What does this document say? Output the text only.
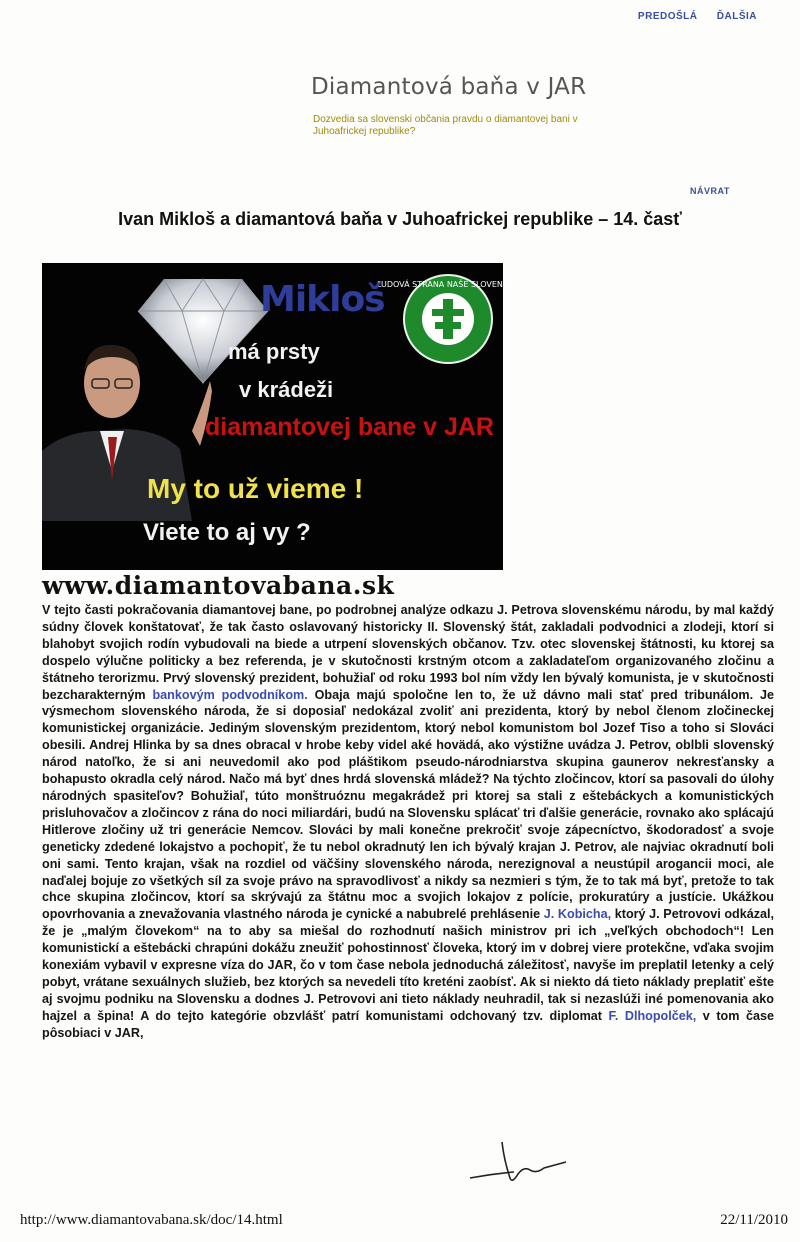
PREDOŠLÁ ĎALŠIA
Diamantová baňa v JAR
Dozvedia sa slovenski občania pravdu o diamantovej bani v Juhoafrickej republike?
NÁVRAT
Ivan Mikloš a diamantová baňa v Juhoafrickej republike – 14. časť
ĽUDOVÁ STRANA NAŠE SLOVENSKO
Mikloš
má prsty
v krádeži
diamantovej bane v JAR
My to už vieme !
Viete to aj vy ?
www.diamantovabana.sk
V tejto časti pokračovania diamantovej bane, po podrobnej analýze odkazu J. Petrova slovenskému národu, by mal každý súdny človek konštatovať, že tak často oslavovaný historicky II. Slovenský štát, zakladali podvodnici a zlodeji, ktorí si blahobyt svojich rodín vybudovali na biede a utrpení slovenských občanov. Tzv. otec slovenskej štátnosti, ku ktorej sa dospelo výlučne politicky a bez referenda, je v skutočnosti krstným otcom a zakladateľom organizovaného zločinu a štátneho terorizmu. Prvý slovenský prezident, bohužiaľ od roku 1993 bol ním vždy len bývalý komunista, je v skutočnosti bezcharakterným bankovým podvodníkom. Obaja majú spoločne len to, že už dávno mali stať pred tribunálom. Je výsmechom slovenského národa, že si doposiaľ nedokázal zvoliť ani prezidenta, ktorý by nebol členom zločineckej komunistickej organizácie. Jediným slovenským prezidentom, ktorý nebol komunistom bol Jozef Tiso a toho si Slováci obesili. Andrej Hlinka by sa dnes obracal v hrobe keby videl aké hovädá, ako výstižne uvádza J. Petrov, oblbli slovenský národ natoľko, že si ani neuvedomil ako pod pláštikom pseudo-národniarstva skupina gaunerov nekresťansky a bohapusto okradla celý národ. Načo má byť dnes hrdá slovenská mládež? Na týchto zločincov, ktorí sa pasovali do úlohy národných spasiteľov? Bohužiaľ, túto monštruóznu megakrádež pri ktorej sa stali z eštebáckych a komunistických prisluhovačov a zločincov z rána do noci miliardári, budú na Slovensku splácať tri ďalšie generácie, rovnako ako splácajú Hitlerove zločiny už tri generácie Nemcov. Slováci by mali konečne prekročiť svoje zápecníctvo, škodoradosť a svoje geneticky zdedené lokajstvo a pochopiť, že tu nebol okradnutý len ich bývalý krajan J. Petrov, ale najviac okradnutí boli oni sami. Tento krajan, však na rozdiel od väčšiny slovenského národa, nerezignoval a neustúpil arogancii moci, ale naďalej bojuje zo všetkých síl za svoje právo na spravodlivosť a nikdy sa nezmieri s tým, že to tak má byť, pretože to tak chce skupina zločincov, ktorí sa skrývajú za štátnu moc a svojich lokajov z polície, prokuratúry a justície. Ukážkou opovrhovania a znevažovania vlastného národa je cynické a nabubrelé prehlásenie J. Kobicha, ktorý J. Petrovovi odkázal, že je „malým človekom“ na to aby sa miešal do rozhodnutí našich ministrov pri ich „veľkých obchodoch“! Len komunistickí a eštebácki chrapúni dokážu zneužiť pohostinnosť človeka, ktorý im v dobrej viere protekčne, vďaka svojim konexiám vybavil v expresne víza do JAR, čo v tom čase nebola jednoduchá záležitosť, navyše im preplatil letenky a celý pobyt, vrátane sexuálnych služieb, bez ktorých sa nevedeli títo kreténi zaobísť. Ak si niekto dá tieto náklady preplatiť ešte aj svojmu podniku na Slovensku a dodnes J. Petrovovi ani tieto náklady neuhradil, tak si nezaslúži iné pomenovania ako hajzel a špina! A do tejto kategórie obzvlášť patrí komunistami odchovaný tzv. diplomat F. Dlhopolček, v tom čase pôsobiaci v JAR,
http://www.diamantovabana.sk/doc/14.html	22/11/2010
